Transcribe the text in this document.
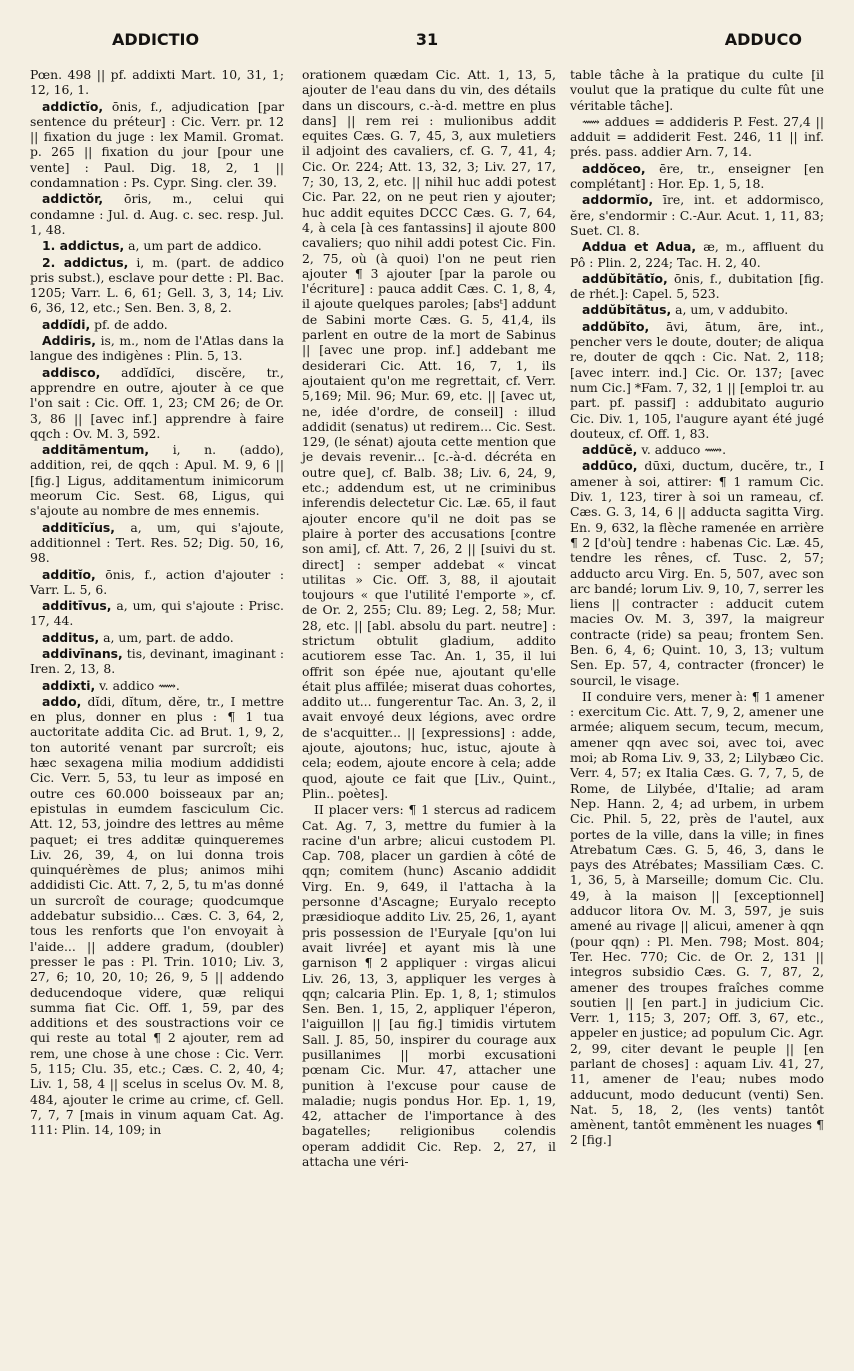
31
ADDICTIO	ADDUCO

Pœn. 498 || pf. addixti Mart. 10, 31, 1; 12, 16, 1.

addictĭo, ōnis, f., adjudication [par sentence du préteur] : Cic. Verr. pr. 12 || fixation du juge : lex Mamil. Gromat. p. 265 || fixation du jour [pour une vente] : Paul. Dig. 18, 2, 1 || condamnation : Ps. Cypr. Sing. cler. 39.

addictŏr, ōris, m., celui qui condamne : Jul. d. Aug. c. sec. resp. Jul. 1, 48.

1. addictus, a, um part de addico.

2. addictus, i, m. (part. de addico pris subst.), esclave pour dette : Pl. Bac. 1205; Varr. L. 6, 61; Gell. 3, 3, 14; Liv. 6, 36, 12, etc.; Sen. Ben. 3, 8, 2.

addĭdi, pf. de addo.

Addiris, is, m., nom de l'Atlas dans la langue des indigènes : Plin. 5, 13.

addisco, addĭdĭci, discĕre, tr., apprendre en outre, ajouter à ce que l'on sait : Cic. Off. 1, 23; CM 26; de Or. 3, 86 || [avec inf.] apprendre à faire qqch : Ov. M. 3, 592.

additāmentum, i, n. (addo), addition, rei, de qqch : Apul. M. 9, 6 || [fig.] Ligus, additamentum inimicorum meorum Cic. Sest. 68, Ligus, qui s'ajoute au nombre de mes ennemis.

additīcĭus, a, um, qui s'ajoute, additionnel : Tert. Res. 52; Dig. 50, 16, 98.

additĭo, ōnis, f., action d'ajouter : Varr. L. 5, 6.

additīvus, a, um, qui s'ajoute : Prisc. 17, 44.

additus, a, um, part. de addo.

addivīnans, tis, devinant, imaginant : Iren. 2, 13, 8.

addixti, v. addico ⟿.

addo, dĭdi, dĭtum, dĕre, tr., I mettre en plus, donner en plus : ¶ 1 tua auctoritate addita Cic. ad Brut. 1, 9, 2, ton autorité venant par surcroît; eis hæc sexagena milia modium addidisti Cic. Verr. 5, 53, tu leur as imposé en outre ces 60.000 boisseaux par an; epistulas in eumdem fasciculum Cic. Att. 12, 53, joindre des lettres au même paquet; ei tres additæ quinqueremes Liv. 26, 39, 4, on lui donna trois quinquérèmes de plus; animos mihi addidisti Cic. Att. 7, 2, 5, tu m'as donné un surcroît de courage; quodcumque addebatur subsidio... Cæs. C. 3, 64, 2, tous les renforts que l'on envoyait à l'aide... || addere gradum, (doubler) presser le pas : Pl. Trin. 1010; Liv. 3, 27, 6; 10, 20, 10; 26, 9, 5 || addendo deducendoque videre, quæ reliqui summa fiat Cic. Off. 1, 59, par des additions et des soustractions voir ce qui reste au total ¶ 2 ajouter, rem ad rem, une chose à une chose : Cic. Verr. 5, 115; Clu. 35, etc.; Cæs. C. 2, 40, 4; Liv. 1, 58, 4 || scelus in scelus Ov. M. 8, 484, ajouter le crime au crime, cf. Gell. 7, 7, 7 [mais in vinum aquam Cat. Ag. 111: Plin. 14, 109; in

orationem quædam Cic. Att. 1, 13, 5, ajouter de l'eau dans du vin, des détails dans un discours, c.-à-d. mettre en plus dans] || rem rei : mulionibus addit equites Cæs. G. 7, 45, 3, aux muletiers il adjoint des cavaliers, cf. G. 7, 41, 4; Cic. Or. 224; Att. 13, 32, 3; Liv. 27, 17, 7; 30, 13, 2, etc. || nihil huc addi potest Cic. Par. 22, on ne peut rien y ajouter; huc addit equites DCCC Cæs. G. 7, 64, 4, à cela [à ces fantassins] il ajoute 800 cavaliers; quo nihil addi potest Cic. Fin. 2, 75, où (à quoi) l'on ne peut rien ajouter ¶ 3 ajouter [par la parole ou l'écriture] : pauca addit Cæs. C. 1, 8, 4, il ajoute quelques paroles; [absᵗ] addunt de Sabini morte Cæs. G. 5, 41,4, ils parlent en outre de la mort de Sabinus || [avec une prop. inf.] addebant me desiderari Cic. Att. 16, 7, 1, ils ajoutaient qu'on me regrettait, cf. Verr. 5,169; Mil. 96; Mur. 69, etc. || [avec ut, ne, idée d'ordre, de conseil] : illud addidit (senatus) ut redirem... Cic. Sest. 129, (le sénat) ajouta cette mention que je devais revenir... [c.-à-d. décréta en outre que], cf. Balb. 38; Liv. 6, 24, 9, etc.; addendum est, ut ne criminibus inferendis delectetur Cic. Læ. 65, il faut ajouter encore qu'il ne doit pas se plaire à porter des accusations [contre son ami], cf. Att. 7, 26, 2 || [suivi du st. direct] : semper addebat « vincat utilitas » Cic. Off. 3, 88, il ajoutait toujours « que l'utilité l'emporte », cf. de Or. 2, 255; Clu. 89; Leg. 2, 58; Mur. 28, etc. || [abl. absolu du part. neutre] : strictum obtulit gladium, addito acutiorem esse Tac. An. 1, 35, il lui offrit son épée nue, ajoutant qu'elle était plus affilée; miserat duas cohortes, addito ut... fungerentur Tac. An. 3, 2, il avait envoyé deux légions, avec ordre de s'acquitter... || [expressions] : adde, ajoute, ajoutons; huc, istuc, ajoute à cela; eodem, ajoute encore à cela; adde quod, ajoute ce fait que [Liv., Quint., Plin.. poètes].

II placer vers: ¶ 1 stercus ad radicem Cat. Ag. 7, 3, mettre du fumier à la racine d'un arbre; alicui custodem Pl. Cap. 708, placer un gardien à côté de qqn; comitem (hunc) Ascanio addidit Virg. En. 9, 649, il l'attacha à la personne d'Ascagne; Euryalo recepto præsidioque addito Liv. 25, 26, 1, ayant pris possession de l'Euryale [qu'on lui avait livrée] et ayant mis là une garnison ¶ 2 appliquer : virgas alicui Liv. 26, 13, 3, appliquer les verges à qqn; calcaria Plin. Ep. 1, 8, 1; stimulos Sen. Ben. 1, 15, 2, appliquer l'éperon, l'aiguillon || [au fig.] timidis virtutem Sall. J. 85, 50, inspirer du courage aux pusillanimes || morbi excusationi pœnam Cic. Mur. 47, attacher une punition à l'excuse pour cause de maladie; nugis pondus Hor. Ep. 1, 19, 42, attacher de l'importance à des bagatelles; religionibus colendis operam addidit Cic. Rep. 2, 27, il attacha une véri-

table tâche à la pratique du culte [il voulut que la pratique du culte fût une véritable tâche].

⟿ addues = addideris P. Fest. 27,4 || adduit = addiderit Fest. 246, 11 || inf. prés. pass. addier Arn. 7, 14.

addŏceo, ēre, tr., enseigner [en complétant] : Hor. Ep. 1, 5, 18.

addormĭo, īre, int. et addormisco, ĕre, s'endormir : C.-Aur. Acut. 1, 11, 83; Suet. Cl. 8.

Addua et Adua, æ, m., affluent du Pô : Plin. 2, 224; Tac. H. 2, 40.

addŭbĭtātĭo, ōnis, f., dubitation [fig. de rhét.]: Capel. 5, 523.

addŭbĭtātus, a, um, v addubito.

addŭbĭto, āvi, ātum, āre, int., pencher vers le doute, douter; de aliqua re, douter de qqch : Cic. Nat. 2, 118; [avec interr. ind.] Cic. Or. 137; [avec num Cic.] *Fam. 7, 32, 1 || [emploi tr. au part. pf. passif] : addubitato augurio Cic. Div. 1, 105, l'augure ayant été jugé douteux, cf. Off. 1, 83.

addūcĕ, v. adduco ⟿.

addūco, dūxi, ductum, ducĕre, tr., I amener à soi, attirer: ¶ 1 ramum Cic. Div. 1, 123, tirer à soi un rameau, cf. Cæs. G. 3, 14, 6 || adducta sagitta Virg. En. 9, 632, la flèche ramenée en arrière ¶ 2 [d'où] tendre : habenas Cic. Læ. 45, tendre les rênes, cf. Tusc. 2, 57; adducto arcu Virg. En. 5, 507, avec son arc bandé; lorum Liv. 9, 10, 7, serrer les liens || contracter : adducit cutem macies Ov. M. 3, 397, la maigreur contracte (ride) sa peau; frontem Sen. Ben. 6, 4, 6; Quint. 10, 3, 13; vultum Sen. Ep. 57, 4, contracter (froncer) le sourcil, le visage.

II conduire vers, mener à: ¶ 1 amener : exercitum Cic. Att. 7, 9, 2, amener une armée; aliquem secum, tecum, mecum, amener qqn avec soi, avec toi, avec moi; ab Roma Liv. 9, 33, 2; Lilybæo Cic. Verr. 4, 57; ex Italia Cæs. G. 7, 7, 5, de Rome, de Lilybée, d'Italie; ad aram Nep. Hann. 2, 4; ad urbem, in urbem Cic. Phil. 5, 22, près de l'autel, aux portes de la ville, dans la ville; in fines Atrebatum Cæs. G. 5, 46, 3, dans le pays des Atrébates; Massiliam Cæs. C. 1, 36, 5, à Marseille; domum Cic. Clu. 49, à la maison || [exceptionnel] adducor litora Ov. M. 3, 597, je suis amené au rivage || alicui, amener à qqn (pour qqn) : Pl. Men. 798; Most. 804; Ter. Hec. 770; Cic. de Or. 2, 131 || integros subsidio Cæs. G. 7, 87, 2, amener des troupes fraîches comme soutien || [en part.] in judicium Cic. Verr. 1, 115; 3, 207; Off. 3, 67, etc., appeler en justice; ad populum Cic. Agr. 2, 99, citer devant le peuple || [en parlant de choses] : aquam Liv. 41, 27, 11, amener de l'eau; nubes modo adducunt, modo deducunt (venti) Sen. Nat. 5, 18, 2, (les vents) tantôt amènent, tantôt emmènent les nuages ¶ 2 [fig.]
